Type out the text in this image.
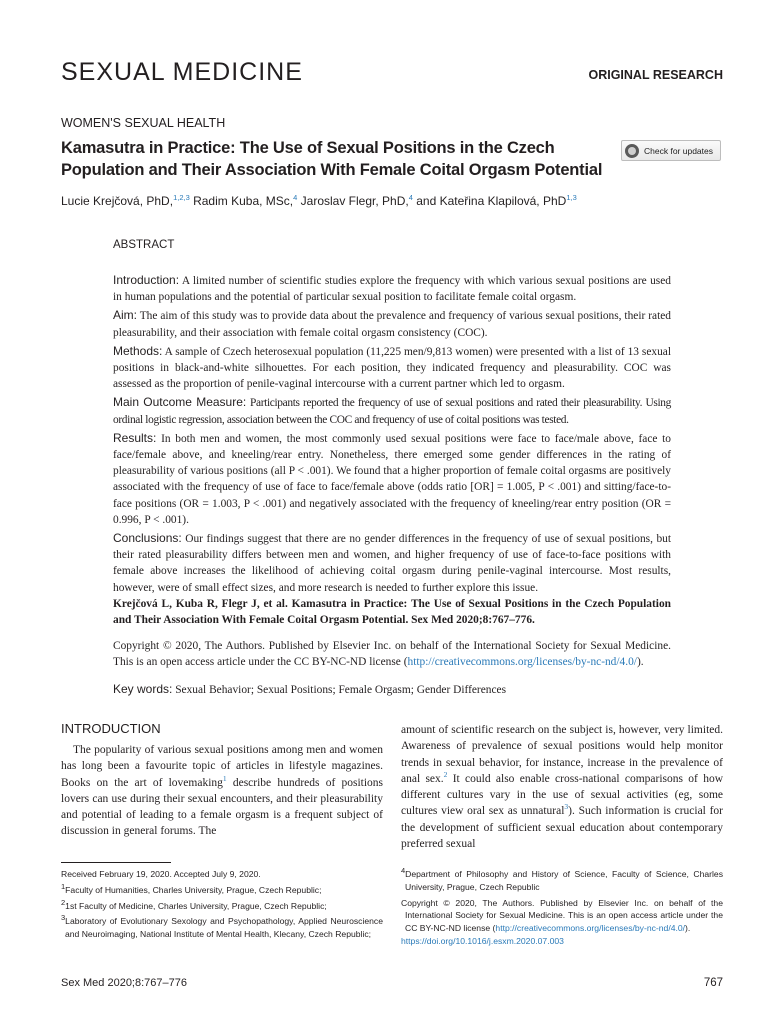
SEXUAL MEDICINE	ORIGINAL RESEARCH
WOMEN'S SEXUAL HEALTH
Kamasutra in Practice: The Use of Sexual Positions in the Czech Population and Their Association With Female Coital Orgasm Potential
Check for updates
Lucie Krejčová, PhD,$^{1,2,3}$ Radim Kuba, MSc,$^4$ Jaroslav Flegr, PhD,$^4$ and Kateřina Klapilová, PhD$^{1,3}$
ABSTRACT

Introduction: A limited number of scientific studies explore the frequency with which various sexual positions are used in human populations and the potential of particular sexual position to facilitate female coital orgasm.

Aim: The aim of this study was to provide data about the prevalence and frequency of various sexual positions, their rated pleasurability, and their association with female coital orgasm consistency (COC).

Methods: A sample of Czech heterosexual population (11,225 men/9,813 women) were presented with a list of 13 sexual positions in black-and-white silhouettes. For each position, they indicated frequency and pleasurability. COC was assessed as the proportion of penile-vaginal intercourse with a current partner which led to orgasm.

Main Outcome Measure: Participants reported the frequency of use of sexual positions and rated their pleasurability. Using ordinal logistic regression, association between the COC and frequency of use of coital positions was tested.

Results: In both men and women, the most commonly used sexual positions were face to face/male above, face to face/female above, and kneeling/rear entry. Nonetheless, there emerged some gender differences in the rating of pleasurability of various positions (all P < .001). We found that a higher proportion of female coital orgasms are positively associated with the frequency of use of face to face/female above (odds ratio [OR] = 1.005, P < .001) and sitting/face-to-face positions (OR = 1.003, P < .001) and negatively associated with the frequency of kneeling/rear entry position (OR = 0.996, P < .001).

Conclusions: Our findings suggest that there are no gender differences in the frequency of use of sexual positions, but their rated pleasurability differs between men and women, and higher frequency of use of face-to-face positions with female above increases the likelihood of achieving coital orgasm during penile-vaginal intercourse. Most results, however, were of small effect sizes, and more research is needed to further explore this issue.

Krejčová L, Kuba R, Flegr J, et al. Kamasutra in Practice: The Use of Sexual Positions in the Czech Population and Their Association With Female Coital Orgasm Potential. Sex Med 2020;8:767–776.

Copyright © 2020, The Authors. Published by Elsevier Inc. on behalf of the International Society for Sexual Medicine. This is an open access article under the CC BY-NC-ND license (http://creativecommons.org/licenses/by-nc-nd/4.0/).

Key words: Sexual Behavior; Sexual Positions; Female Orgasm; Gender Differences

INTRODUCTION

The popularity of various sexual positions among men and women has long been a favourite topic of articles in lifestyle magazines. Books on the art of lovemaking$^1$ describe hundreds of positions lovers can use during their sexual encounters, and their pleasurability and potential of leading to a female orgasm is a frequent subject of discussion in general forums. The

amount of scientific research on the subject is, however, very limited. Awareness of prevalence of sexual positions would help monitor trends in sexual behavior, for instance, increase in the prevalence of anal sex.$^2$ It could also enable cross-national comparisons of how different cultures vary in the use of sexual activities (eg, some cultures view oral sex as unnatural$^3$). Such information is crucial for the development of sufficient sexual education about contemporary preferred sexual

Received February 19, 2020. Accepted July 9, 2020.

$^1$Faculty of Humanities, Charles University, Prague, Czech Republic;

$^2$1st Faculty of Medicine, Charles University, Prague, Czech Republic;

$^3$Laboratory of Evolutionary Sexology and Psychopathology, Applied Neuroscience and Neuroimaging, National Institute of Mental Health, Klecany, Czech Republic;

$^4$Department of Philosophy and History of Science, Faculty of Science, Charles University, Prague, Czech Republic

Copyright © 2020, The Authors. Published by Elsevier Inc. on behalf of the International Society for Sexual Medicine. This is an open access article under the CC BY-NC-ND license (http://creativecommons.org/licenses/by-nc-nd/4.0/).

https://doi.org/10.1016/j.esxm.2020.07.003

Sex Med 2020;8:767–776	767
